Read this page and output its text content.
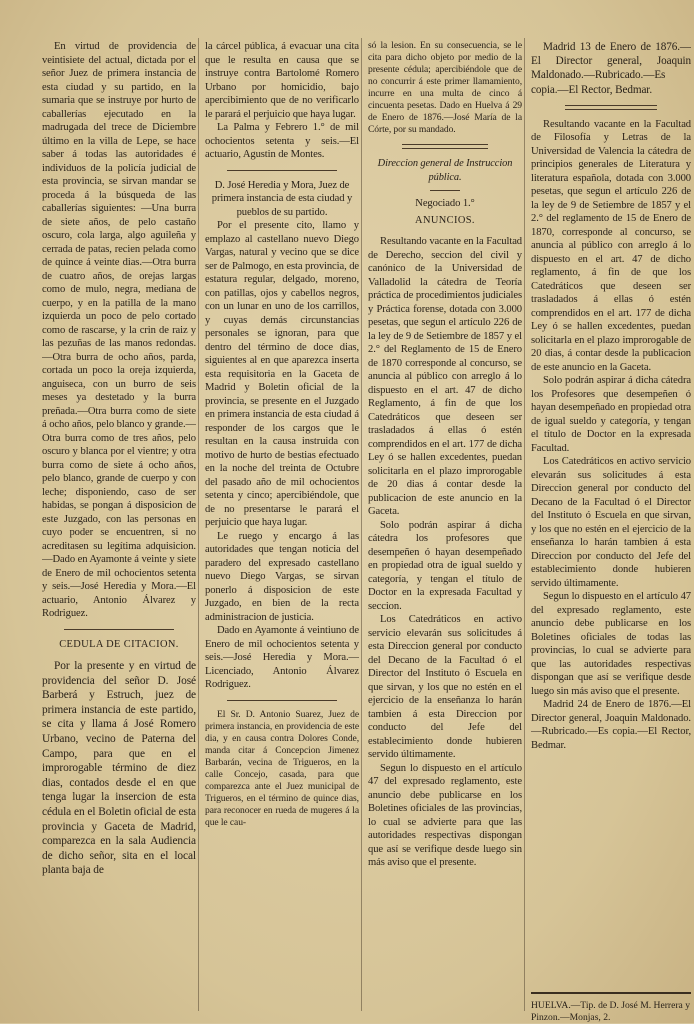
En virtud de providencia de veintisiete del actual, dictada por el señor Juez de primera instancia de esta ciudad y su partido, en la sumaria que se instruye por hurto de caballerías ejecutado en la madrugada del trece de Diciembre último en la villa de Lepe, se hace saber á todas las autoridades é individuos de la policía judicial de esta provincia, se sirvan mandar se proceda á la búsqueda de las caballerías siguientes: —Una burra de siete años, de pelo castaño oscuro, cola larga, algo aguileña y cerrada de patas, recien pelada como de quince á veinte dias.—Otra burra de cuatro años, de orejas largas como de mulo, negra, mediana de cuerpo, y en la patilla de la mano izquierda un poco de pelo cortado como de rascarse, y la crin de raiz y las pezuñas de las manos redondas.—Otra burra de ocho años, parda, cortada un poco la oreja izquierda, anguiseca, con un burro de seis meses ya destetado y la burra preñada.—Otra burra como de siete á ocho años, pelo blanco y grande.—Otra burra como de tres años, pelo oscuro y blanca por el vientre; y otra burra como de siete á ocho años, pelo blanco, grande de cuerpo y con leche; disponiendo, caso de ser habidas, se pongan á disposicion de este Juzgado, con las personas en cuyo poder se encuentren, si no acreditasen su legítima adquisicion.—Dado en Ayamonte á veinte y siete de Enero de mil ochocientos setenta y seis.—José Heredia y Mora.—El actuario, Antonio Álvarez y Rodriguez.

CEDULA DE CITACION.

Por la presente y en virtud de providencia del señor D. José Barberá y Estruch, juez de primera instancia de este partido, se cita y llama á José Romero Urbano, vecino de Paterna del Campo, para que en el improrogable término de diez dias, contados desde el en que tenga lugar la insercion de esta cédula en el Boletin oficial de esta provincia y Gaceta de Madrid, comparezca en la sala Audiencia de dicho señor, sita en el local planta baja de

la cárcel pública, á evacuar una cita que le resulta en causa que se instruye contra Bartolomé Romero Urbano por homicidio, bajo apercibimiento que de no verificarlo le parará el perjuicio que haya lugar.

La Palma y Febrero 1.° de mil ochocientos setenta y seis.—El actuario, Agustin de Montes.

D. José Heredia y Mora, Juez de primera instancia de esta ciudad y pueblos de su partido.

Por el presente cito, llamo y emplazo al castellano nuevo Diego Vargas, natural y vecino que se dice ser de Palmogo, en esta provincia, de estatura regular, delgado, moreno, con patillas, ojos y cabellos negros, con un lunar en uno de los carrillos, y cuyas demás circunstancias personales se ignoran, para que dentro del término de doce dias, siguientes al en que aparezca inserta esta requisitoria en la Gaceta de Madrid y Boletin oficial de la provincia, se presente en el Juzgado en primera instancia de esta ciudad á responder de los cargos que le resultan en la causa instruida con motivo de hurto de bestias efectuado en la noche del treinta de Octubre del pasado año de mil ochocientos setenta y cinco; apercibiéndole, que de no presentarse le parará el perjuicio que haya lugar.

Le ruego y encargo á las autoridades que tengan noticia del paradero del expresado castellano nuevo Diego Vargas, se sirvan ponerlo á disposicion de este Juzgado, en bien de la recta administracion de justicia.

Dado en Ayamonte á veintiuno de Enero de mil ochocientos setenta y seis.—José Heredia y Mora.—Licenciado, Antonio Álvarez Rodriguez.

El Sr. D. Antonio Suarez, Juez de primera instancia, en providencia de este dia, y en causa contra Dolores Conde, manda citar á Concepcion Jimenez Barbarán, vecina de Trigueros, en la calle Concejo, casada, para que comparezca ante el Juez municipal de Trigueros, en el término de quince dias, para reconocer en rueda de mugeres á la que le cau-

só la lesion. En su consecuencia, se le cita para dicho objeto por medio de la presente cédula; apercibiéndole que de no concurrir á este primer llamamiento, incurre en una multa de cinco á cincuenta pesetas. Dado en Huelva á 29 de Enero de 1876.—José María de la Córte, por su mandado.

Direccion general de Instruccion pública.
Negociado 1.°
ANUNCIOS.

Resultando vacante en la Facultad de Derecho, seccion del civil y canónico de la Universidad de Valladolid la cátedra de Teoría práctica de procedimientos judiciales y Práctica forense, dotada con 3.000 pesetas, que segun el artículo 226 de la ley de 9 de Setiembre de 1857 y el 2.° del Reglamento de 15 de Enero de 1870 corresponde al concurso, se anuncia al público con arreglo á lo dispuesto en el art. 47 de dicho Reglamento, á fin de que los Catedráticos que deseen ser trasladados á ellas ó estén comprendidos en el art. 177 de dicha Ley ó se hallen excedentes, puedan solicitarla en el plazo improrogable de 20 dias á contar desde la publicacion de este anuncio en la Gaceta.

Solo podrán aspirar á dicha cátedra los profesores que desempeñen ó hayan desempeñado en propiedad otra de igual sueldo y categoría, y tengan el título de Doctor en la expresada Facultad y seccion.

Los Catedráticos en activo servicio elevarán sus solicitudes á esta Direccion general por conducto del Decano de la Facultad ó el Director del Instituto ó Escuela en que sirvan, y los que no estén en el ejercicio de la enseñanza lo harán tambien á esta Direccion por conducto del Jefe del establecimiento donde hubieren servido últimamente.

Segun lo dispuesto en el artículo 47 del expresado reglamento, este anuncio debe publicarse en los Boletines oficiales de las provincias, lo cual se advierte para que las autoridades respectivas dispongan que así se verifique desde luego sin más aviso que el presente.

Madrid 13 de Enero de 1876.—El Director general, Joaquin Maldonado.—Rubricado.—Es copia.—El Rector, Bedmar.

Resultando vacante en la Facultad de Filosofía y Letras de la Universidad de Valencia la cátedra de principios generales de Literatura y literatura española, dotada con 3.000 pesetas, que segun el artículo 226 de la ley de 9 de Setiembre de 1857 y el 2.° del reglamento de 15 de Enero de 1870, corresponde al concurso, se anuncia al público con arreglo á lo dispuesto en el art. 47 de dicho reglamento, á fin de que los Catedráticos que deseen ser trasladados á ellas ó estén comprendidos en el art. 177 de dicha Ley ó se hallen excedentes, puedan solicitarla en el plazo improrogable de 20 dias, á contar desde la publicacion de este anuncio en la Gaceta.

Solo podrán aspirar á dicha cátedra los Profesores que desempeñen ó hayan desempeñado en propiedad otra de igual sueldo y categoría, y tengan el título de Doctor en la expresada Facultad.

Los Catedráticos en activo servicio elevarán sus solicitudes á esta Direccion general por conducto del Decano de la Facultad ó el Director del Instituto ó Escuela en que sirvan, y los que no estén en el ejercicio de la enseñanza lo harán tambien á esta Direccion por conducto del Jefe del establecimiento donde hubieren servido últimamente.

Segun lo dispuesto en el artículo 47 del expresado reglamento, este anuncio debe publicarse en los Boletines oficiales de todas las provincias, lo cual se advierte para que las autoridades respectivas dispongan que así se verifique desde luego sin más aviso que el presente.

Madrid 24 de Enero de 1876.—El Director general, Joaquin Maldonado.—Rubricado.—Es copia.—El Rector, Bedmar.

HUELVA.—Tip. de D. José M. Herrera y Pinzon.—Monjas, 2.
